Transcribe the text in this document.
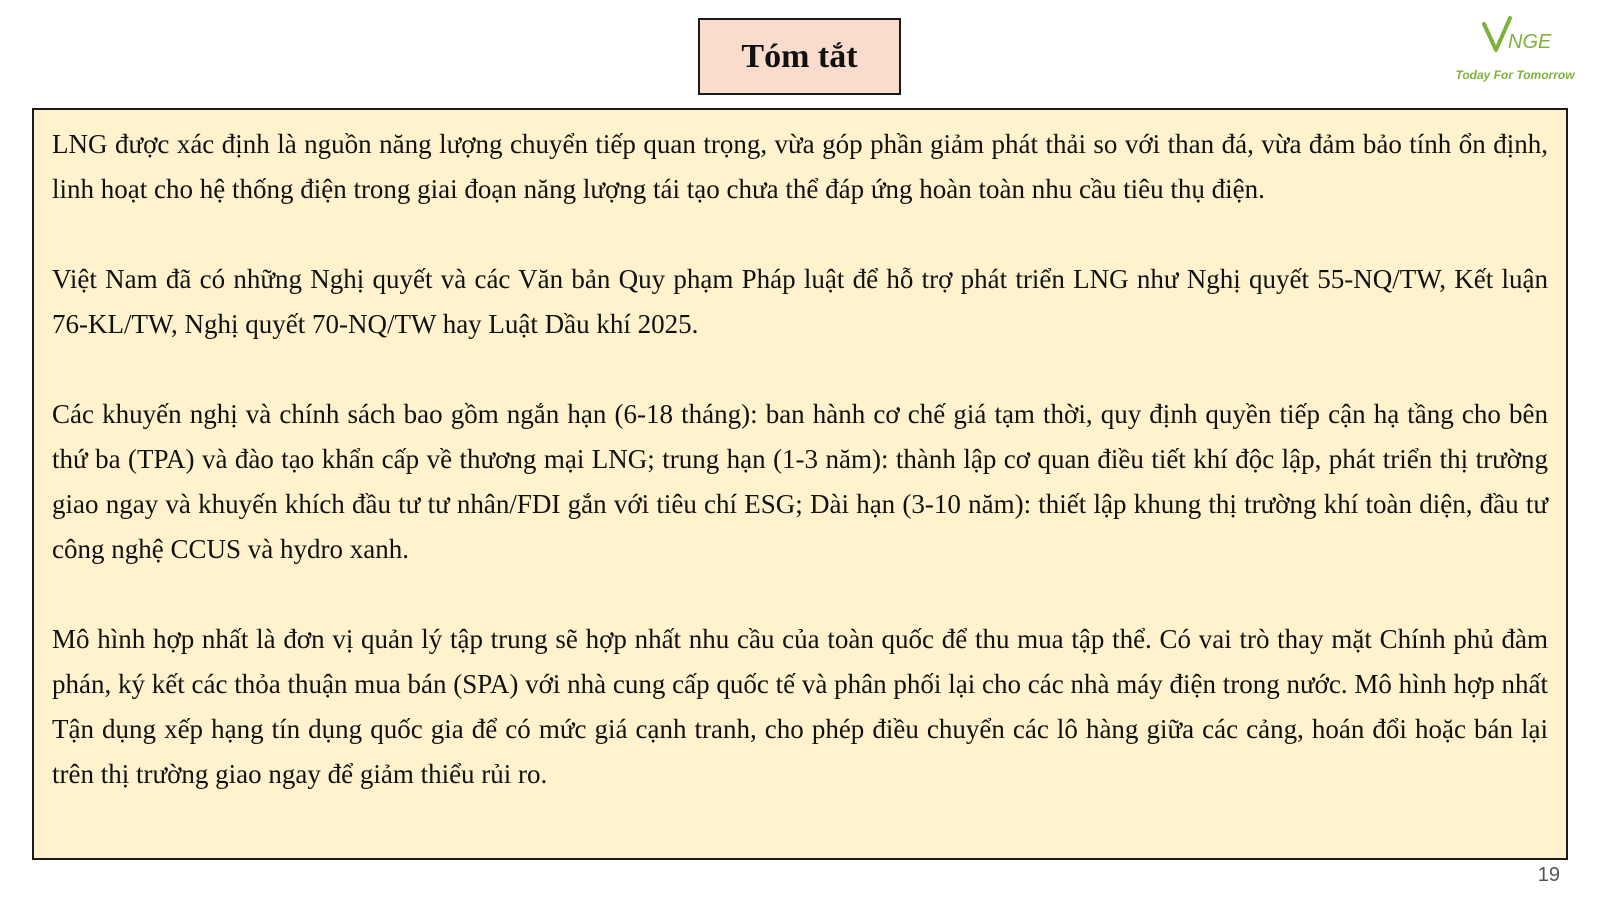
Tóm tắt	NGE
Today For Tomorrow

LNG được xác định là nguồn năng lượng chuyển tiếp quan trọng, vừa góp phần giảm phát thải so với than đá, vừa đảm bảo tính ổn định, linh hoạt cho hệ thống điện trong giai đoạn năng lượng tái tạo chưa thể đáp ứng hoàn toàn nhu cầu tiêu thụ điện.

Việt Nam đã có những Nghị quyết và các Văn bản Quy phạm Pháp luật để hỗ trợ phát triển LNG như Nghị quyết 55-NQ/TW, Kết luận 76-KL/TW, Nghị quyết 70-NQ/TW hay Luật Dầu khí 2025.

Các khuyến nghị và chính sách bao gồm ngắn hạn (6-18 tháng): ban hành cơ chế giá tạm thời, quy định quyền tiếp cận hạ tầng cho bên thứ ba (TPA) và đào tạo khẩn cấp về thương mại LNG; trung hạn (1-3 năm): thành lập cơ quan điều tiết khí độc lập, phát triển thị trường giao ngay và khuyến khích đầu tư tư nhân/FDI gắn với tiêu chí ESG; Dài hạn (3-10 năm): thiết lập khung thị trường khí toàn diện, đầu tư công nghệ CCUS và hydro xanh.

Mô hình hợp nhất là đơn vị quản lý tập trung sẽ hợp nhất nhu cầu của toàn quốc để thu mua tập thể. Có vai trò thay mặt Chính phủ đàm phán, ký kết các thỏa thuận mua bán (SPA) với nhà cung cấp quốc tế và phân phối lại cho các nhà máy điện trong nước. Mô hình hợp nhất Tận dụng xếp hạng tín dụng quốc gia để có mức giá cạnh tranh, cho phép điều chuyển các lô hàng giữa các cảng, hoán đổi hoặc bán lại trên thị trường giao ngay để giảm thiểu rủi ro.

19
